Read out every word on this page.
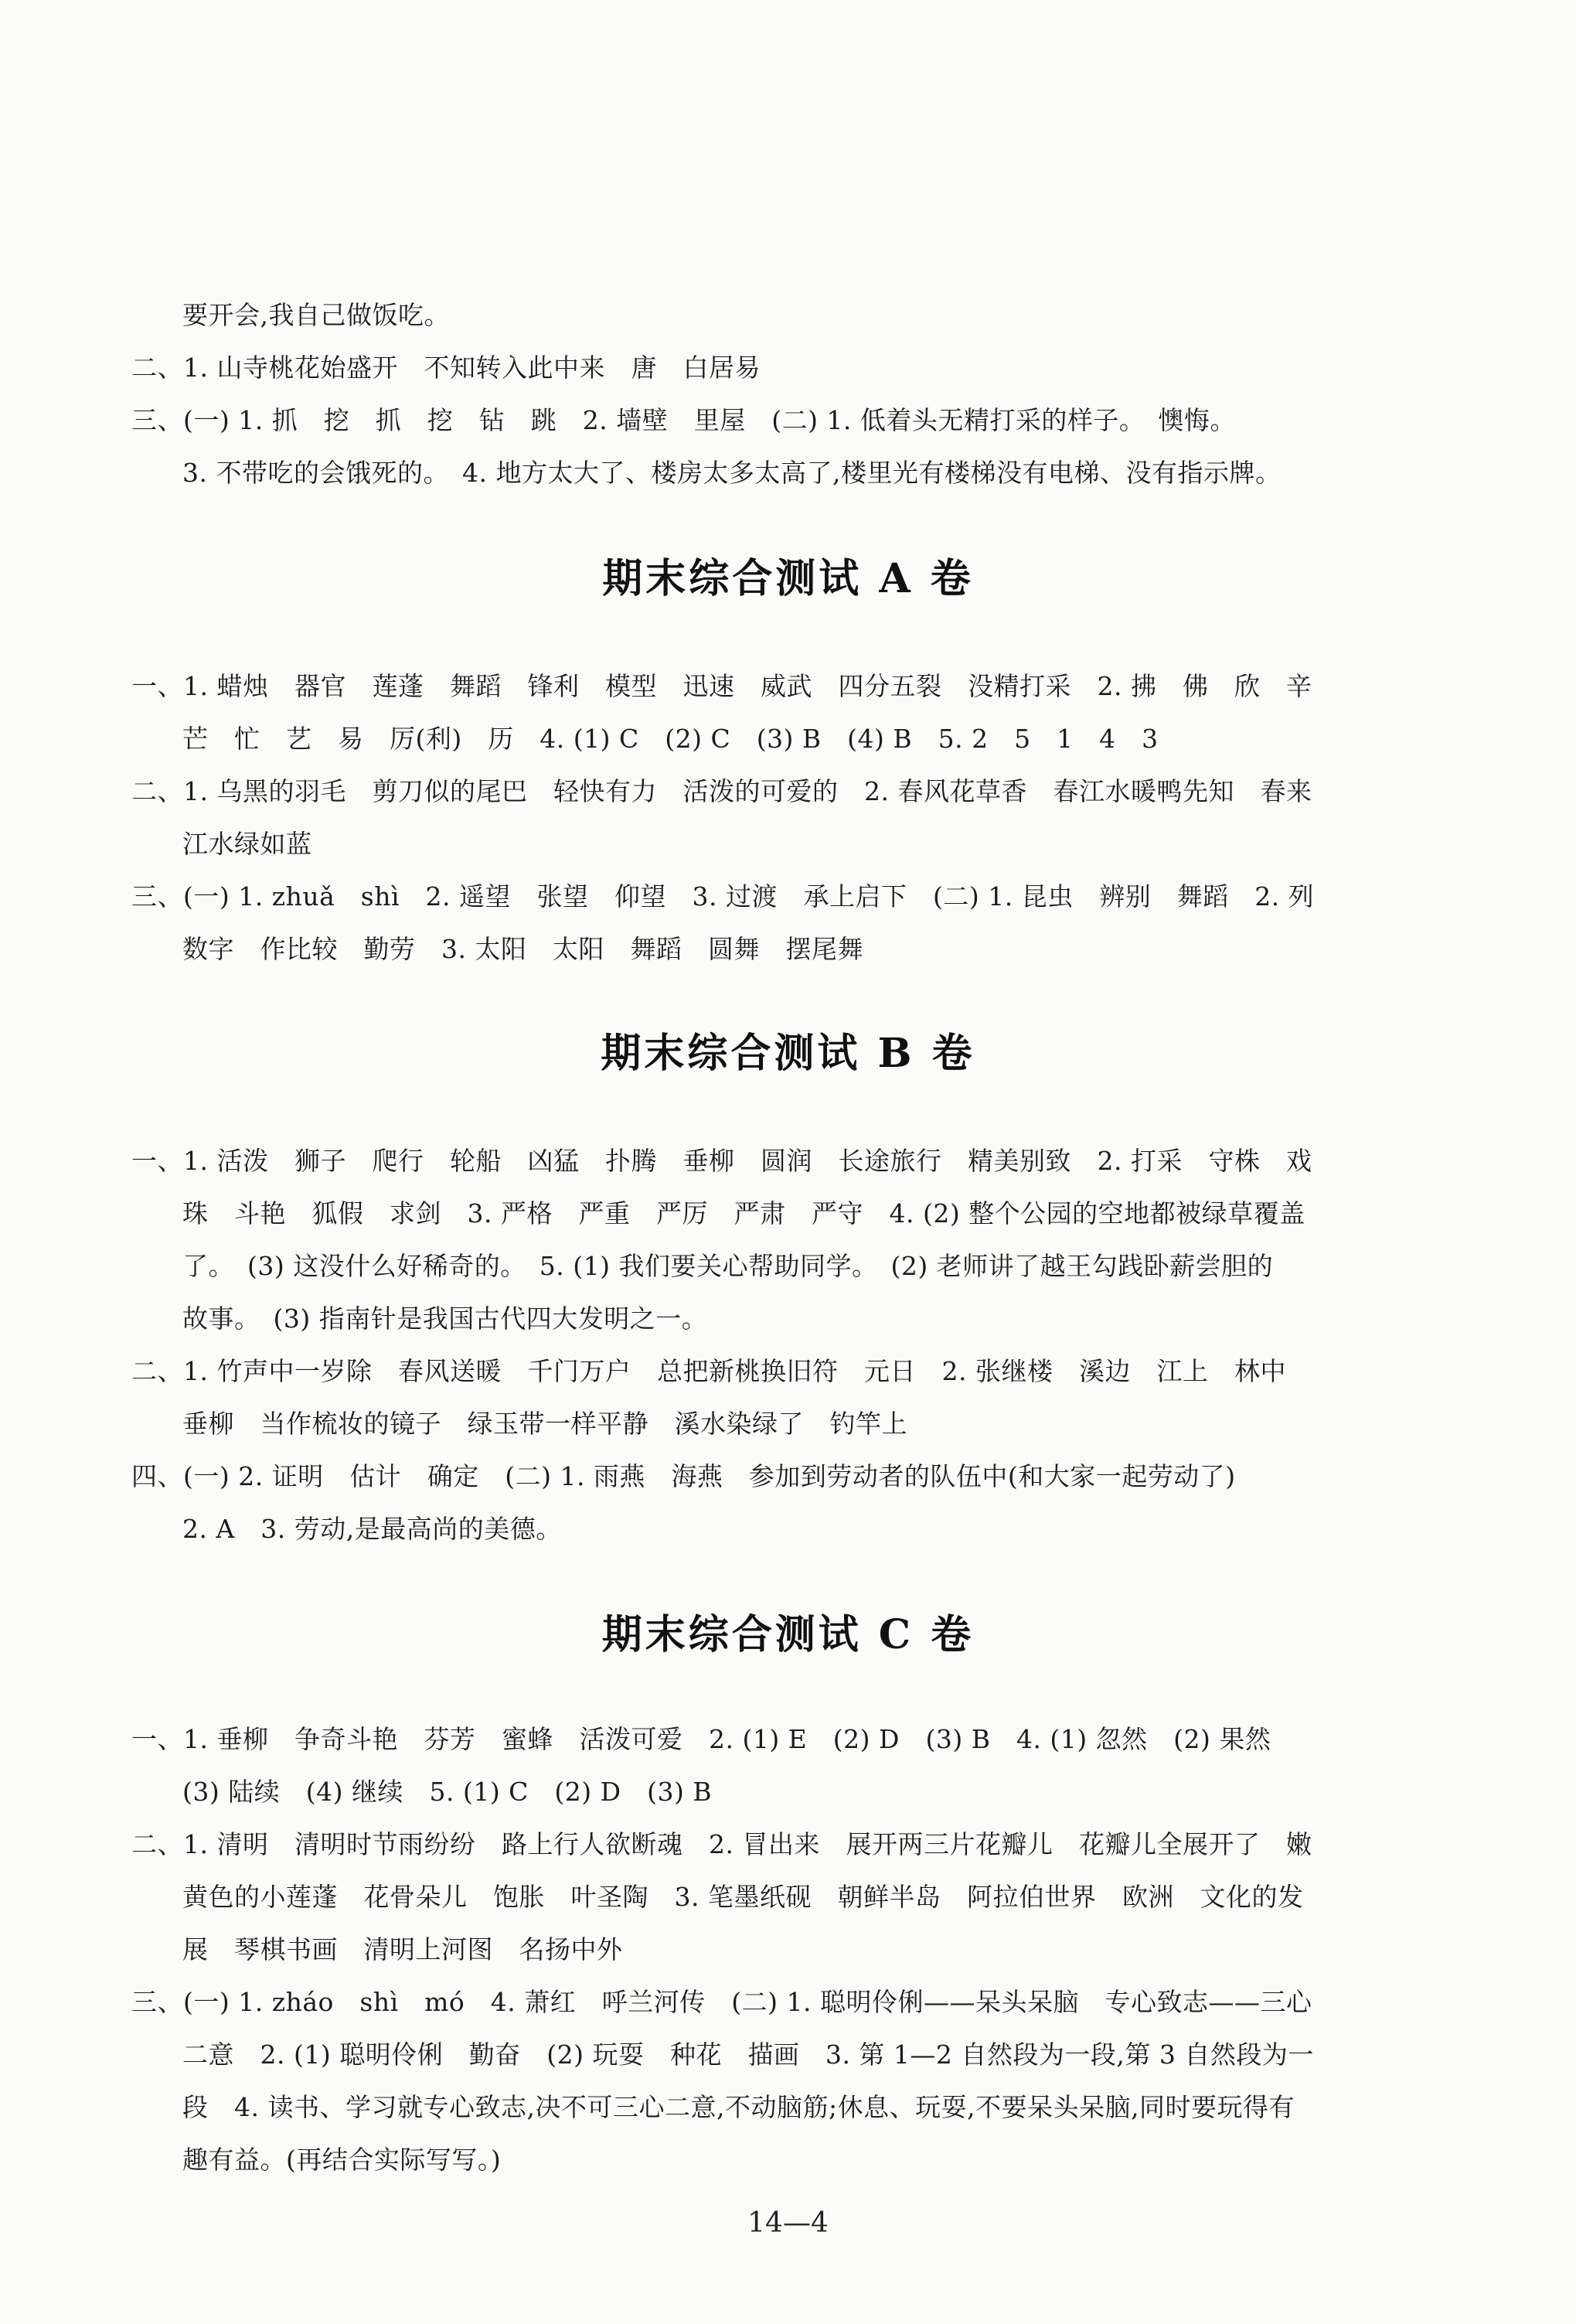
要开会,我自己做饭吃。
二、1. 山寺桃花始盛开　不知转入此中来　唐　白居易
三、(一) 1. 抓　挖　抓　挖　钻　跳　2. 墙壁　里屋　(二) 1. 低着头无精打采的样子。　懊悔。
3. 不带吃的会饿死的。　4. 地方太大了、楼房太多太高了,楼里光有楼梯没有电梯、没有指示牌。
期末综合测试 A 卷
一、1. 蜡烛　器官　莲蓬　舞蹈　锋利　模型　迅速　威武　四分五裂　没精打采　2. 拂　佛　欣　辛
芒　忙　艺　易　厉(利)　历　4. (1) C　(2) C　(3) B　(4) B　5. 2　5　1　4　3
二、1. 乌黑的羽毛　剪刀似的尾巴　轻快有力　活泼的可爱的　2. 春风花草香　春江水暖鸭先知　春来
江水绿如蓝
三、(一) 1. zhuǎ　shì　2. 遥望　张望　仰望　3. 过渡　承上启下　(二) 1. 昆虫　辨别　舞蹈　2. 列
数字　作比较　勤劳　3. 太阳　太阳　舞蹈　圆舞　摆尾舞
期末综合测试 B 卷
一、1. 活泼　狮子　爬行　轮船　凶猛　扑腾　垂柳　圆润　长途旅行　精美别致　2. 打采　守株　戏
珠　斗艳　狐假　求剑　3. 严格　严重　严厉　严肃　严守　4. (2) 整个公园的空地都被绿草覆盖
了。　(3) 这没什么好稀奇的。　5. (1) 我们要关心帮助同学。　(2) 老师讲了越王勾践卧薪尝胆的
故事。　(3) 指南针是我国古代四大发明之一。
二、1. 竹声中一岁除　春风送暖　千门万户　总把新桃换旧符　元日　2. 张继楼　溪边　江上　林中
垂柳　当作梳妆的镜子　绿玉带一样平静　溪水染绿了　钓竿上
四、(一) 2. 证明　估计　确定　(二) 1. 雨燕　海燕　参加到劳动者的队伍中(和大家一起劳动了)
2. A　3. 劳动,是最高尚的美德。
期末综合测试 C 卷
一、1. 垂柳　争奇斗艳　芬芳　蜜蜂　活泼可爱　2. (1) E　(2) D　(3) B　4. (1) 忽然　(2) 果然
(3) 陆续　(4) 继续　5. (1) C　(2) D　(3) B
二、1. 清明　清明时节雨纷纷　路上行人欲断魂　2. 冒出来　展开两三片花瓣儿　花瓣儿全展开了　嫩
黄色的小莲蓬　花骨朵儿　饱胀　叶圣陶　3. 笔墨纸砚　朝鲜半岛　阿拉伯世界　欧洲　文化的发
展　琴棋书画　清明上河图　名扬中外
三、(一) 1. zháo　shì　mó　4. 萧红　呼兰河传　(二) 1. 聪明伶俐——呆头呆脑　专心致志——三心
二意　2. (1) 聪明伶俐　勤奋　(2) 玩耍　种花　描画　3. 第 1—2 自然段为一段,第 3 自然段为一
段　4. 读书、学习就专心致志,决不可三心二意,不动脑筋;休息、玩耍,不要呆头呆脑,同时要玩得有
趣有益。(再结合实际写写。)
14—4
